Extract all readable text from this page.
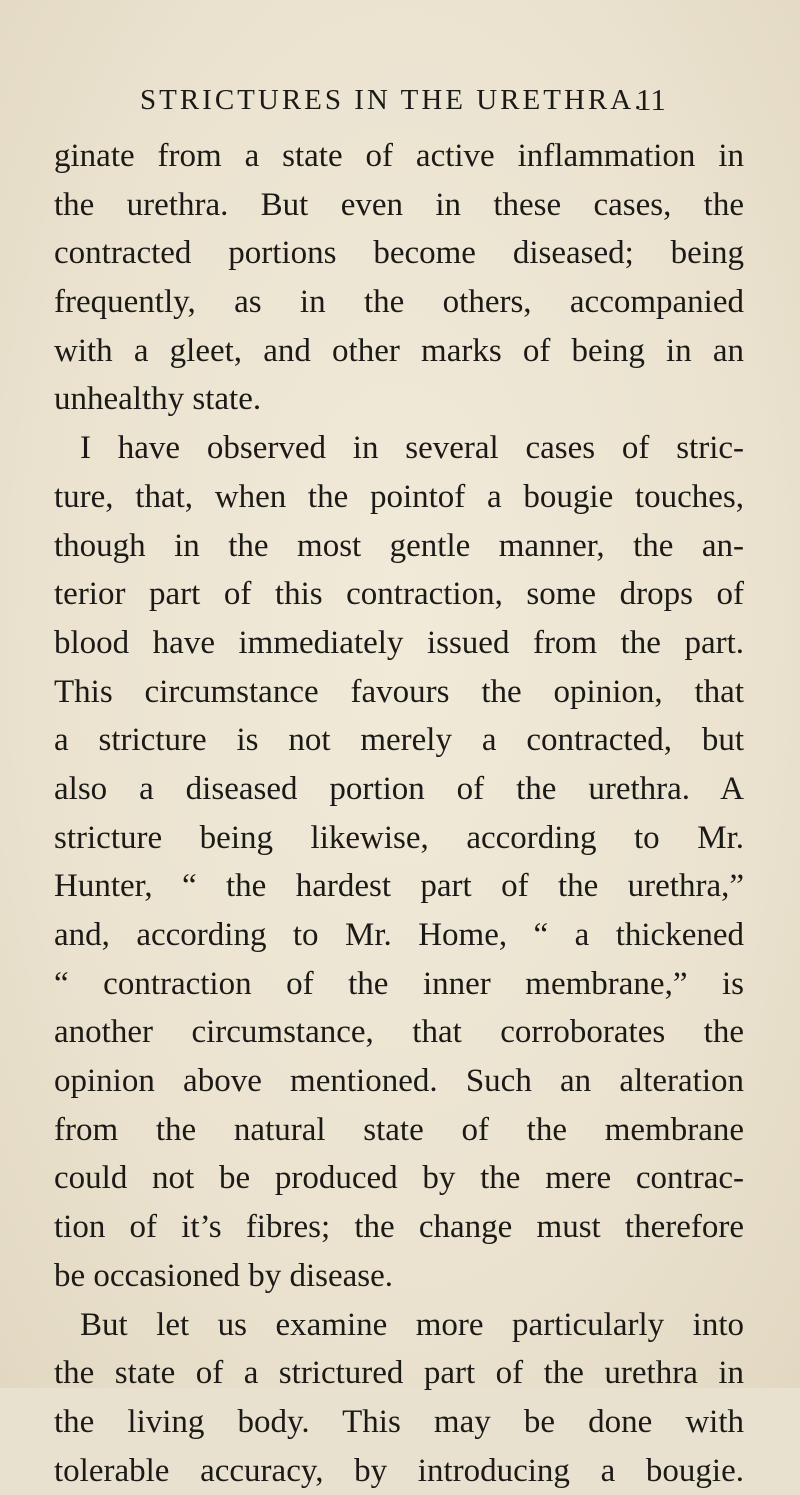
STRICTURES IN THE URETHRA.
11
ginate from a state of active inflammation in
the urethra. But even in these cases, the
contracted portions become diseased; being
frequently, as in the others, accompanied
with a gleet, and other marks of being in an
unhealthy state.
I have observed in several cases of stric-
ture, that, when the pointof a bougie touches,
though in the most gentle manner, the an-
terior part of this contraction, some drops of
blood have immediately issued from the part.
This circumstance favours the opinion, that
a stricture is not merely a contracted, but
also a diseased portion of the urethra. A
stricture being likewise, according to Mr.
Hunter, “ the hardest part of the urethra,”
and, according to Mr. Home, “ a thickened
“ contraction of the inner membrane,” is
another circumstance, that corroborates the
opinion above mentioned. Such an alteration
from the natural state of the membrane
could not be produced by the mere contrac-
tion of it’s fibres; the change must therefore
be occasioned by disease.
But let us examine more particularly into
the state of a strictured part of the urethra in
the living body. This may be done with
tolerable accuracy, by introducing a bougie.
